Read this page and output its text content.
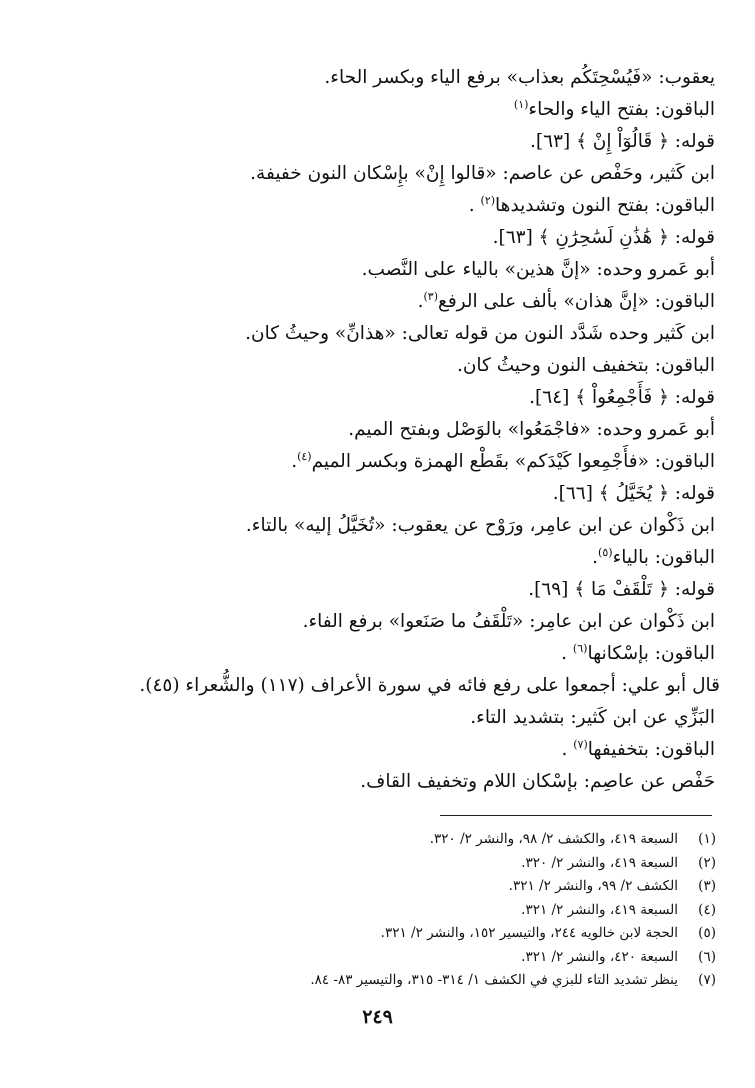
يعقوب: «فَيُسْحِتَكُم بعذاب» برفع الياء وبكسر الحاء.
الباقون: بفتح الياء والحاء$^{(١)}$
قوله: ﴿ قَالُوٓاْ إِنْ ﴾ [٦٣].
ابن كَثير، وحَفْص عن عاصم: «قالوا إِنْ» بإِسْكان النون خفيفة.
الباقون: بفتح النون وتشديدها$^{(٢)}$ .
قوله: ﴿ هَٰذَٰنِ لَسَٰحِرَٰنِ ﴾ [٦٣].
أبو عَمرو وحده: «إنَّ هذين» بالياء على النَّصب.
الباقون: «إنَّ هذان» بألف على الرفع$^{(٣)}$.
ابن كَثير وحده شَدَّد النون من قوله تعالى: «هذانِّ» وحيثُ كان.
الباقون: بتخفيف النون وحيثُ كان.
قوله: ﴿ فَأَجْمِعُواْ ﴾ [٦٤].
أبو عَمرو وحده: «فاجْمَعُوا» بالوَصْل وبفتح الميم.
الباقون: «فأَجْمِعوا كَيْدَكم» بقَطْع الهمزة وبكسر الميم$^{(٤)}$.
قوله: ﴿ يُخَيَّلُ ﴾ [٦٦].
ابن ذَكْوان عن ابن عامِر، ورَوْح عن يعقوب: «تُخَيَّلُ إليه» بالتاء.
الباقون: بالياء$^{(٥)}$.
قوله: ﴿ تَلْقَفْ مَا ﴾ [٦٩].
ابن ذَكْوان عن ابن عامِر: «تَلْقَفُ ما صَنَعوا» برفع الفاء.
الباقون: بإسْكانها$^{(٦)}$ .
قال أبو علي: أجمعوا على رفع فائه في سورة الأعراف (١١٧) والشُّعراء (٤٥).
البَزِّي عن ابن كَثير: بتشديد التاء.
الباقون: بتخفيفها$^{(٧)}$ .
حَفْص عن عاصِم: بإسْكان اللام وتخفيف القاف.
(١)
السبعة ٤١٩، والكشف ٢/ ٩٨، والنشر ٢/ ٣٢٠.
(٢)
السبعة ٤١٩، والنشر ٢/ ٣٢٠.
(٣)
الكشف ٢/ ٩٩، والنشر ٢/ ٣٢١.
(٤)
السبعة ٤١٩، والنشر ٢/ ٣٢١.
(٥)
الحجة لابن خالويه ٢٤٤، والتيسير ١٥٢، والنشر ٢/ ٣٢١.
(٦)
السبعة ٤٢٠، والنشر ٢/ ٣٢١.
(٧)
ينظر تشديد التاء للبزي في الكشف ١/ ٣١٤- ٣١٥، والتيسير ٨٣- ٨٤.
٢٤٩
